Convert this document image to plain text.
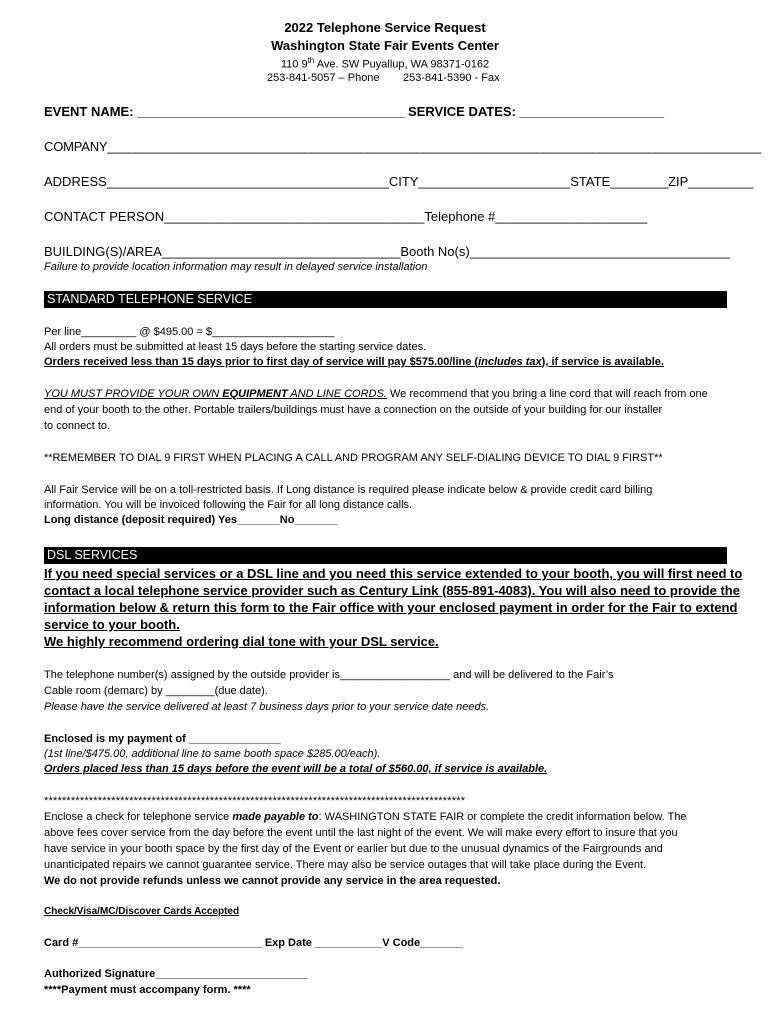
2022 Telephone Service Request
Washington State Fair Events Center
110 9th Ave. SW Puyallup, WA 98371-0162
253-841-5057 – Phone 253-841-5390 - Fax
EVENT NAME: _____________________________________ SERVICE DATES: ____________________
COMPANY_____________________________________________________________________________________________
ADDRESS_______________________________________CITY_____________________STATE________ZIP_________
CONTACT PERSON____________________________________Telephone #_____________________
BUILDING(S)/AREA_________________________________Booth No(s)____________________________________
Failure to provide location information may result in delayed service installation
STANDARD TELEPHONE SERVICE
Per line_________ @ $495.00 = $____________________
All orders must be submitted at least 15 days before the starting service dates.
Orders received less than 15 days prior to first day of service will pay $575.00/line (includes tax), if service is available.
YOU MUST PROVIDE YOUR OWN EQUIPMENT AND LINE CORDS. We recommend that you bring a line cord that will reach from one
end of your booth to the other. Portable trailers/buildings must have a connection on the outside of your building for our installer
to connect to.
**REMEMBER TO DIAL 9 FIRST WHEN PLACING A CALL AND PROGRAM ANY SELF-DIALING DEVICE TO DIAL 9 FIRST**
All Fair Service will be on a toll-restricted basis. If Long distance is required please indicate below & provide credit card billing
information. You will be invoiced following the Fair for all long distance calls.
Long distance (deposit required) Yes_______No_______
DSL SERVICES
If you need special services or a DSL line and you need this service extended to your booth, you will first need to
contact a local telephone service provider such as Century Link (855-891-4083). You will also need to provide the
information below & return this form to the Fair office with your enclosed payment in order for the Fair to extend
service to your booth.
We highly recommend ordering dial tone with your DSL service.
The telephone number(s) assigned by the outside provider is__________________ and will be delivered to the Fair’s
Cable room (demarc) by ________(due date).
Please have the service delivered at least 7 business days prior to your service date needs.
Enclosed is my payment of _______________
(1st line/$475.00, additional line to same booth space $285.00/each).
Orders placed less than 15 days before the event will be a total of $560.00, if service is available.
**********************************************************************************************
Enclose a check for telephone service made payable to: WASHINGTON STATE FAIR or complete the credit information below. The
above fees cover service from the day before the event until the last night of the event. We will make every effort to insure that you
have service in your booth space by the first day of the Event or earlier but due to the unusual dynamics of the Fairgrounds and
unanticipated repairs we cannot guarantee service. There may also be service outages that will take place during the Event.
We do not provide refunds unless we cannot provide any service in the area requested.
Check/Visa/MC/Discover Cards Accepted
Card #______________________________ Exp Date ___________V Code_______
Authorized Signature_________________________
****Payment must accompany form. ****
